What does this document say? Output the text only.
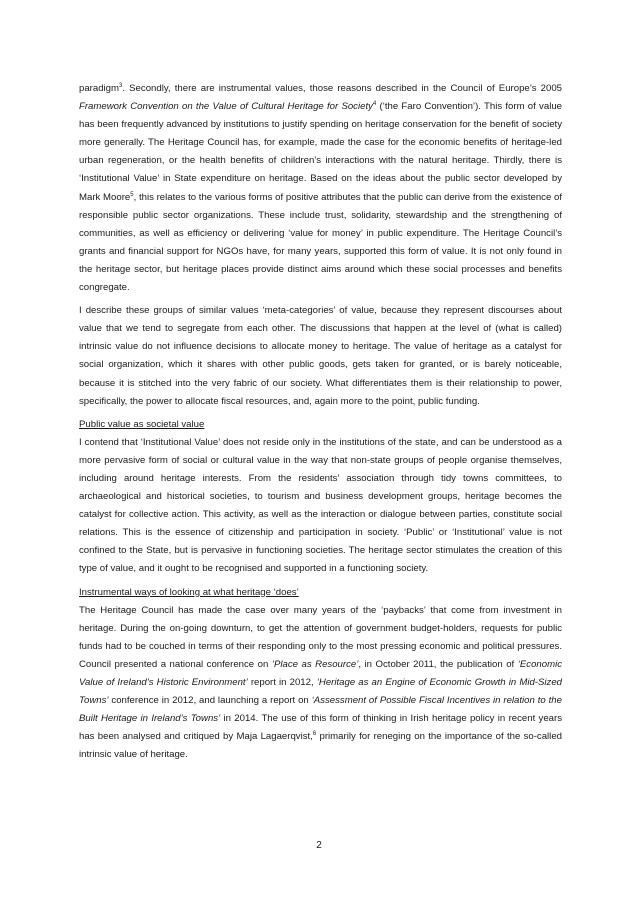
paradigm$^3$. Secondly, there are instrumental values, those reasons described in the Council of Europe’s 2005 Framework Convention on the Value of Cultural Heritage for Society$^4$ (‘the Faro Convention’). This form of value has been frequently advanced by institutions to justify spending on heritage conservation for the benefit of society more generally. The Heritage Council has, for example, made the case for the economic benefits of heritage-led urban regeneration, or the health benefits of children’s interactions with the natural heritage. Thirdly, there is ‘Institutional Value’ in State expenditure on heritage. Based on the ideas about the public sector developed by Mark Moore$^5$, this relates to the various forms of positive attributes that the public can derive from the existence of responsible public sector organizations. These include trust, solidarity, stewardship and the strengthening of communities, as well as efficiency or delivering ‘value for money’ in public expenditure. The Heritage Council’s grants and financial support for NGOs have, for many years, supported this form of value. It is not only found in the heritage sector, but heritage places provide distinct aims around which these social processes and benefits congregate.

I describe these groups of similar values ‘meta-categories’ of value, because they represent discourses about value that we tend to segregate from each other. The discussions that happen at the level of (what is called) intrinsic value do not influence decisions to allocate money to heritage. The value of heritage as a catalyst for social organization, which it shares with other public goods, gets taken for granted, or is barely noticeable, because it is stitched into the very fabric of our society. What differentiates them is their relationship to power, specifically, the power to allocate fiscal resources, and, again more to the point, public funding.

Public value as societal value

I contend that ‘Institutional Value’ does not reside only in the institutions of the state, and can be understood as a more pervasive form of social or cultural value in the way that non-state groups of people organise themselves, including around heritage interests. From the residents’ association through tidy towns committees, to archaeological and historical societies, to tourism and business development groups, heritage becomes the catalyst for collective action. This activity, as well as the interaction or dialogue between parties, constitute social relations. This is the essence of citizenship and participation in society. ‘Public’ or ‘Institutional’ value is not confined to the State, but is pervasive in functioning societies. The heritage sector stimulates the creation of this type of value, and it ought to be recognised and supported in a functioning society.

Instrumental ways of looking at what heritage ‘does’

The Heritage Council has made the case over many years of the ‘paybacks’ that come from investment in heritage. During the on-going downturn, to get the attention of government budget-holders, requests for public funds had to be couched in terms of their responding only to the most pressing economic and political pressures. Council presented a national conference on ‘Place as Resource’, in October 2011, the publication of ‘Economic Value of Ireland’s Historic Environment’ report in 2012, ‘Heritage as an Engine of Economic Growth in Mid-Sized Towns’ conference in 2012, and launching a report on ‘Assessment of Possible Fiscal Incentives in relation to the Built Heritage in Ireland’s Towns’ in 2014. The use of this form of thinking in Irish heritage policy in recent years has been analysed and critiqued by Maja Lagaerqvist,$^6$ primarily for reneging on the importance of the so-called intrinsic value of heritage.

2
